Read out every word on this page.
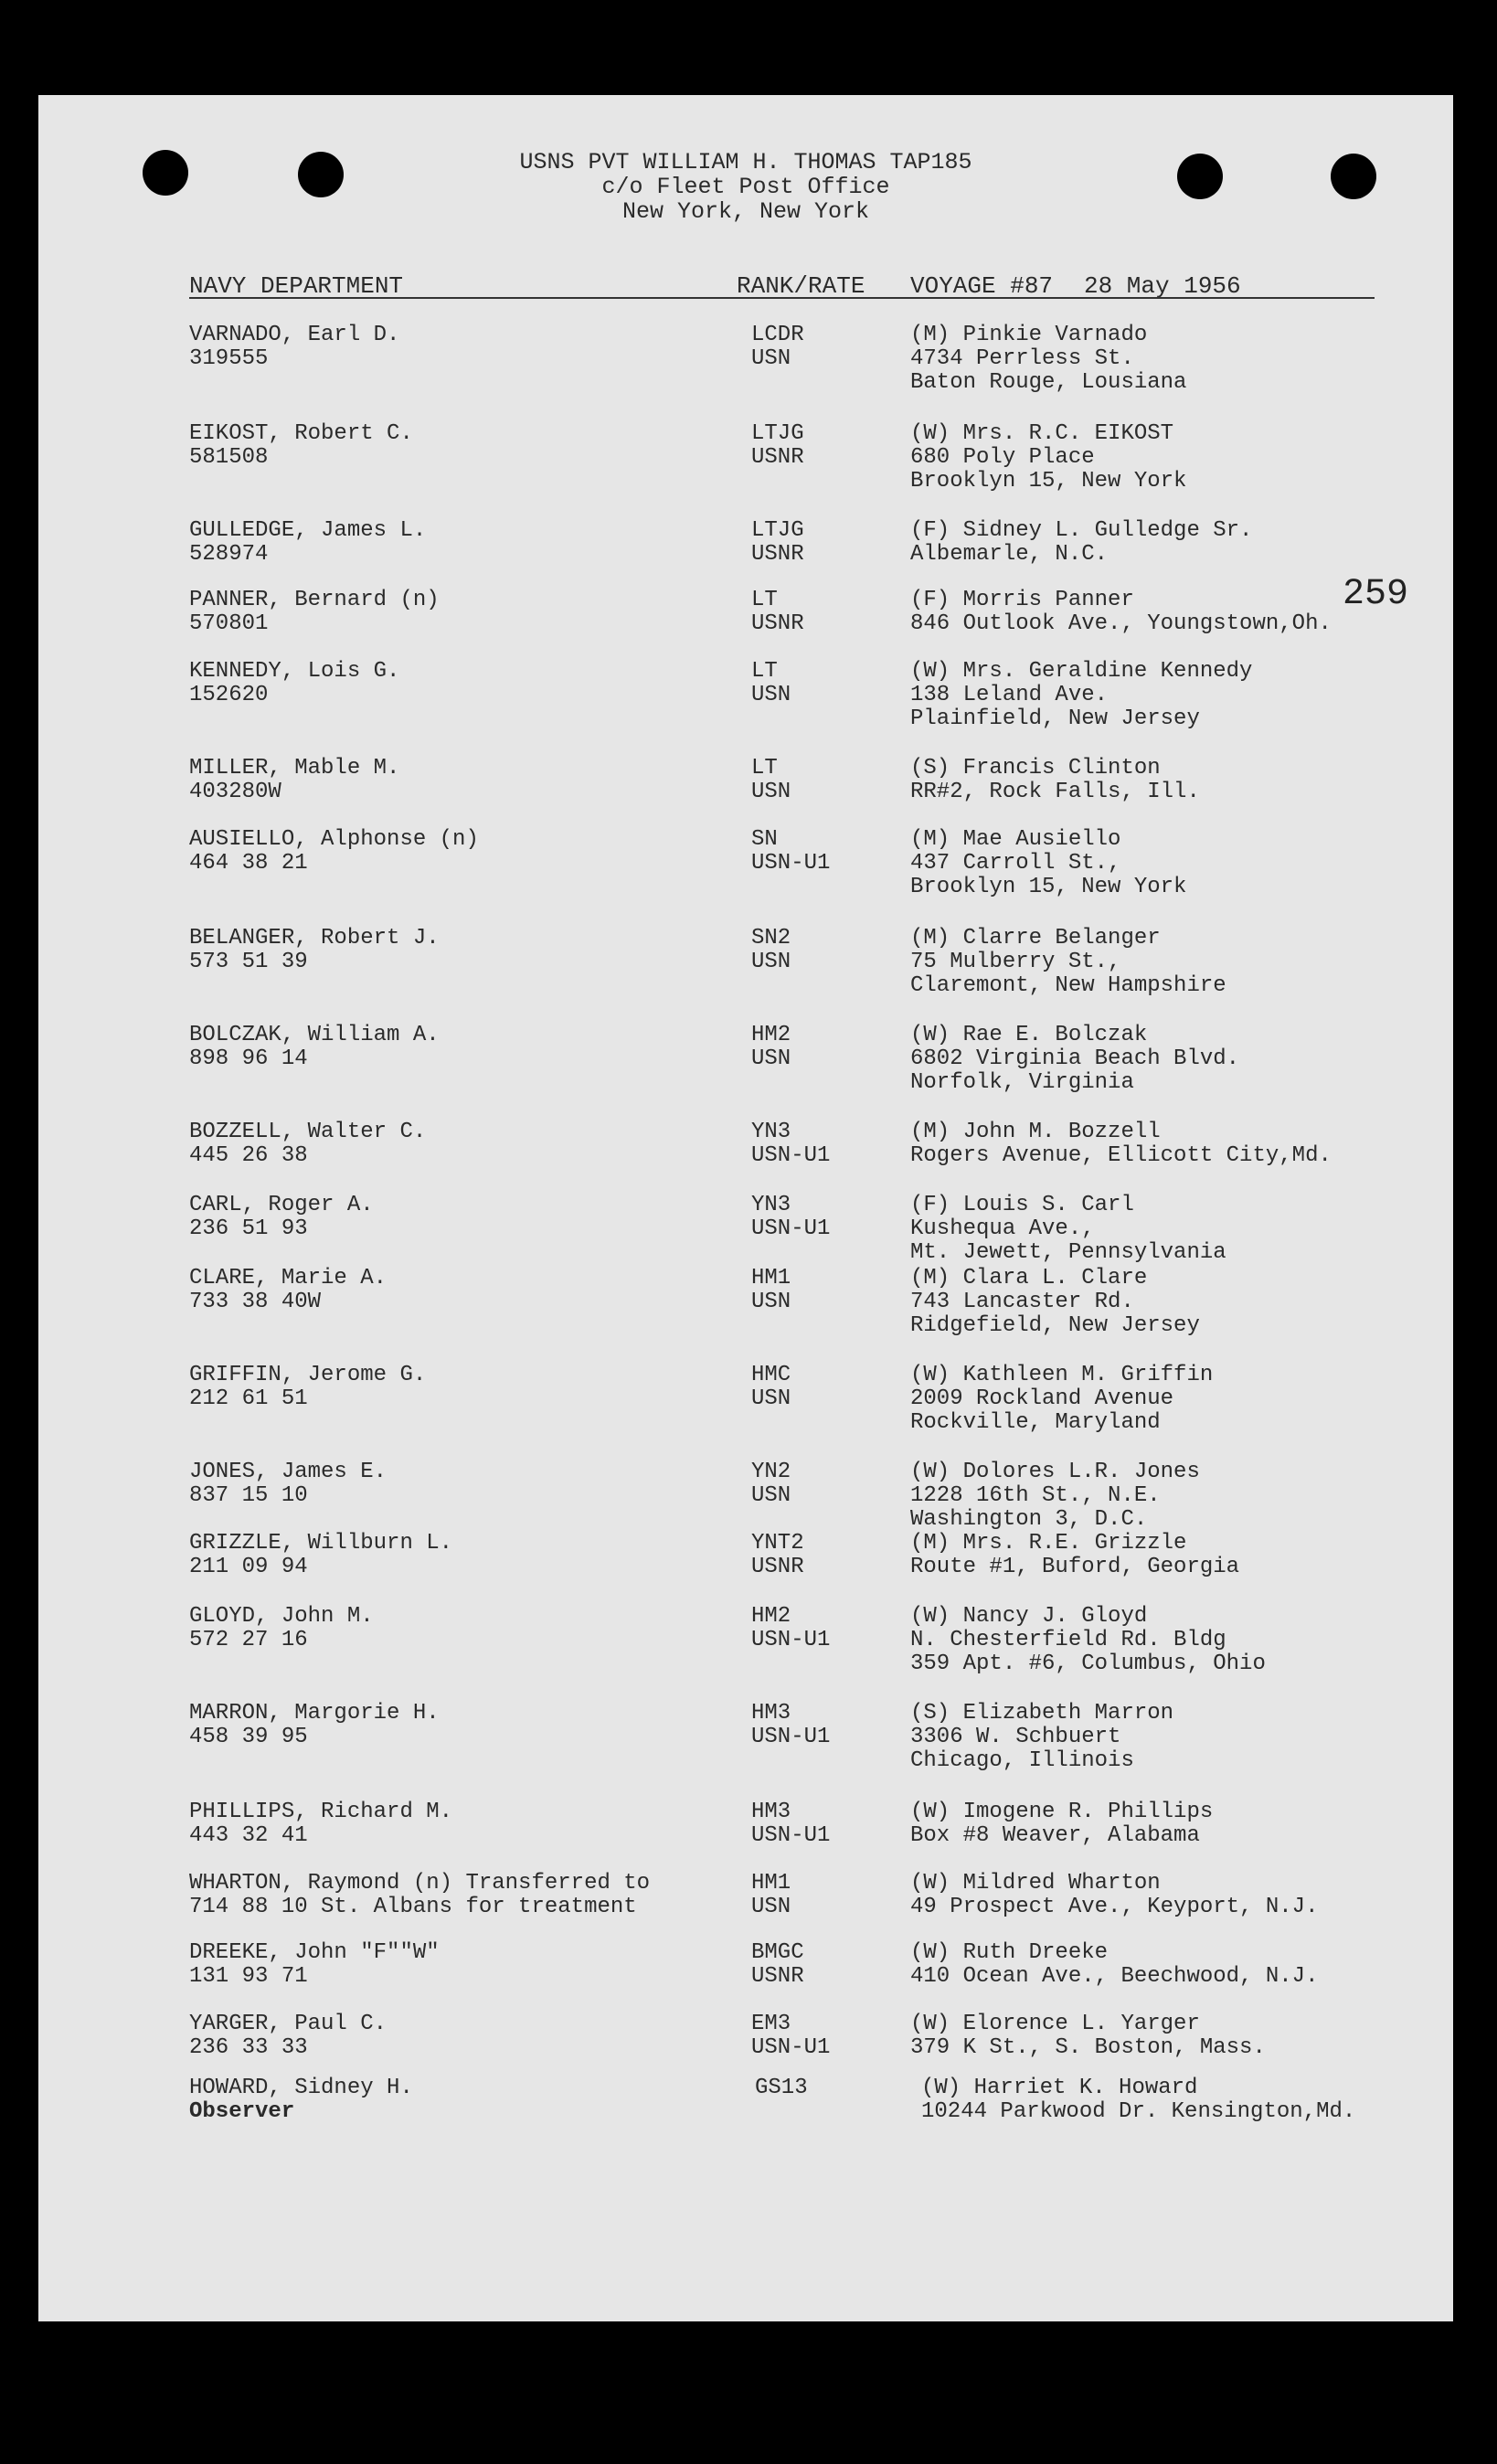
USNS PVT WILLIAM H. THOMAS TAP185
c/o Fleet Post Office
New York, New York
NAVY DEPARTMENT	RANK/RATE VOYAGE #87 28 May 1956
259
VARNADO, Earl D.
319555
LCDR
USN
(M) Pinkie Varnado
4734 Perrless St.
Baton Rouge, Lousiana
EIKOST, Robert C.
581508
LTJG
USNR
(W) Mrs. R.C. EIKOST
680 Poly Place
Brooklyn 15, New York
GULLEDGE, James L.
528974
LTJG
USNR
(F) Sidney L. Gulledge Sr.
Albemarle, N.C.
PANNER, Bernard (n)
570801
LT
USNR
(F) Morris Panner
846 Outlook Ave., Youngstown,Oh.
KENNEDY, Lois G.
152620
LT
USN
(W) Mrs. Geraldine Kennedy
138 Leland Ave.
Plainfield, New Jersey
MILLER, Mable M.
403280W
LT
USN
(S) Francis Clinton
RR#2, Rock Falls, Ill.
AUSIELLO, Alphonse (n)
464 38 21
SN
USN-U1
(M) Mae Ausiello
437 Carroll St.,
Brooklyn 15, New York
BELANGER, Robert J.
573 51 39
SN2
USN
(M) Clarre Belanger
75 Mulberry St.,
Claremont, New Hampshire
BOLCZAK, William A.
898 96 14
HM2
USN
(W) Rae E. Bolczak
6802 Virginia Beach Blvd.
Norfolk, Virginia
BOZZELL, Walter C.
445 26 38
YN3
USN-U1
(M) John M. Bozzell
Rogers Avenue, Ellicott City,Md.
CARL, Roger A.
236 51 93
YN3
USN-U1
(F) Louis S. Carl
Kushequa Ave.,
Mt. Jewett, Pennsylvania
CLARE, Marie A.
733 38 40W
HM1
USN
(M) Clara L. Clare
743 Lancaster Rd.
Ridgefield, New Jersey
GRIFFIN, Jerome G.
212 61 51
HMC
USN
(W) Kathleen M. Griffin
2009 Rockland Avenue
Rockville, Maryland
JONES, James E.
837 15 10
YN2
USN
(W) Dolores L.R. Jones
1228 16th St., N.E.
Washington 3, D.C.
GRIZZLE, Willburn L.
211 09 94
YNT2
USNR
(M) Mrs. R.E. Grizzle
Route #1, Buford, Georgia
GLOYD, John M.
572 27 16
HM2
USN-U1
(W) Nancy J. Gloyd
N. Chesterfield Rd. Bldg
359 Apt. #6, Columbus, Ohio
MARRON, Margorie H.
458 39 95
HM3
USN-U1
(S) Elizabeth Marron
3306 W. Schbuert
Chicago, Illinois
PHILLIPS, Richard M.
443 32 41
HM3
USN-U1
(W) Imogene R. Phillips
Box #8 Weaver, Alabama
WHARTON, Raymond (n) Transferred to
714 88 10 St. Albans for treatment
HM1
USN
(W) Mildred Wharton
49 Prospect Ave., Keyport, N.J.
DREEKE, John "F""W"
131 93 71
BMGC
USNR
(W) Ruth Dreeke
410 Ocean Ave., Beechwood, N.J.
YARGER, Paul C.
236 33 33
EM3
USN-U1
(W) Elorence L. Yarger
379 K St., S. Boston, Mass.
HOWARD, Sidney H.
Observer
GS13	(W) Harriet K. Howard
10244 Parkwood Dr. Kensington,Md.
